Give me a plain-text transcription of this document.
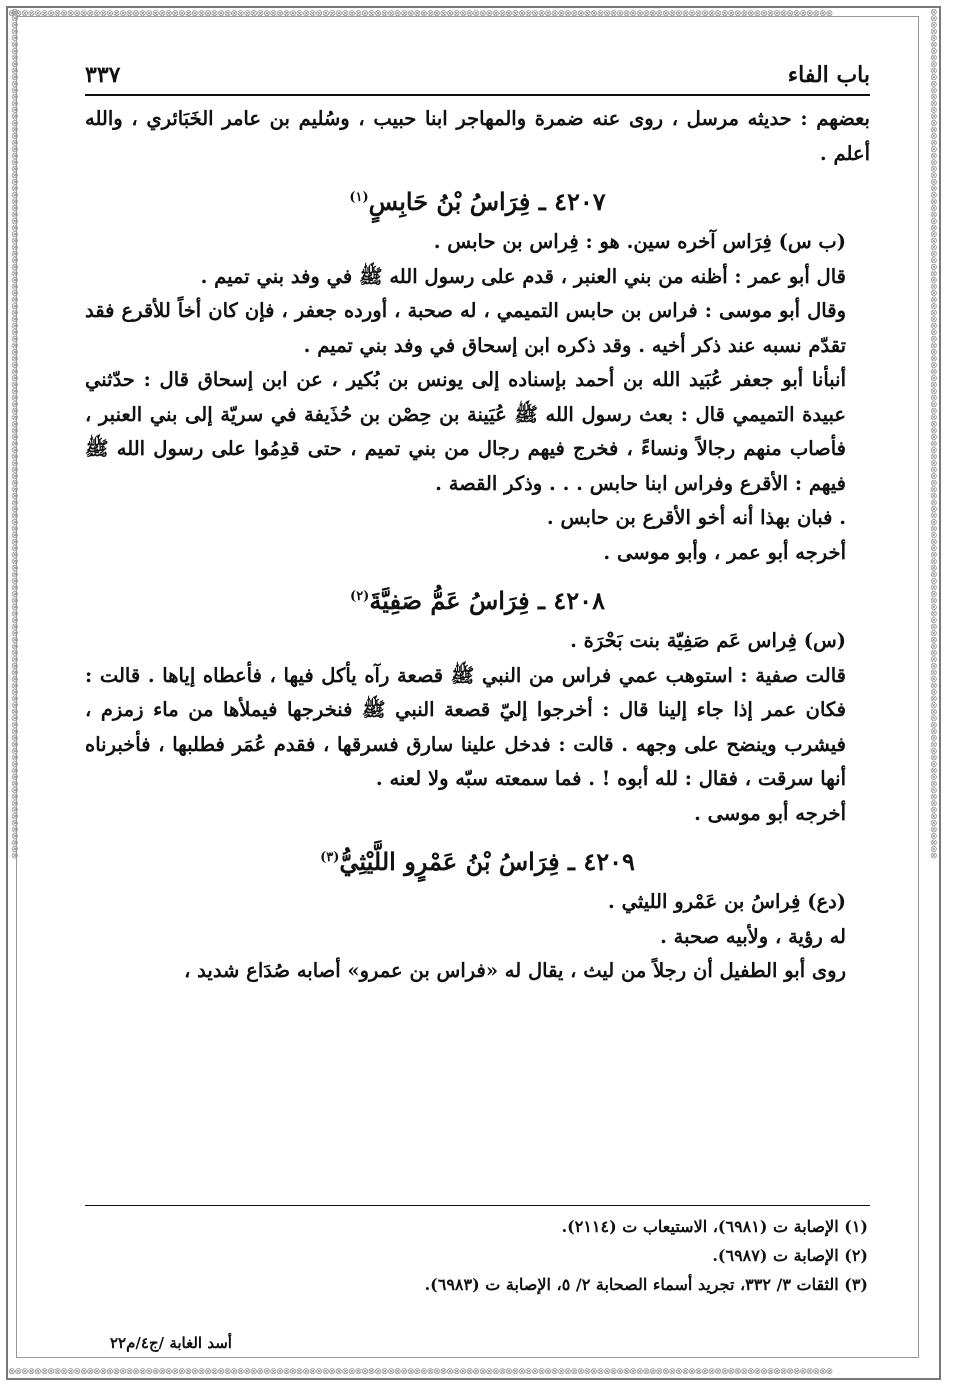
⊗⊗⊗⊗⊗⊗⊗⊗⊗⊗⊗⊗⊗⊗⊗⊗⊗⊗⊗⊗⊗⊗⊗⊗⊗⊗⊗⊗⊗⊗⊗⊗⊗⊗⊗⊗⊗⊗⊗⊗⊗⊗⊗⊗⊗⊗⊗⊗⊗⊗⊗⊗⊗⊗⊗⊗⊗⊗⊗⊗⊗⊗⊗⊗⊗⊗⊗⊗⊗⊗⊗⊗⊗⊗⊗⊗⊗⊗⊗⊗⊗⊗⊗⊗⊗⊗⊗⊗⊗⊗⊗⊗⊗⊗⊗⊗⊗⊗⊗⊗⊗⊗⊗⊗⊗⊗⊗⊗⊗⊗⊗⊗⊗⊗⊗⊗⊗⊗⊗⊗⊗⊗⊗⊗⊗⊗
⊗⊗⊗⊗⊗⊗⊗⊗⊗⊗⊗⊗⊗⊗⊗⊗⊗⊗⊗⊗⊗⊗⊗⊗⊗⊗⊗⊗⊗⊗⊗⊗⊗⊗⊗⊗⊗⊗⊗⊗⊗⊗⊗⊗⊗⊗⊗⊗⊗⊗⊗⊗⊗⊗⊗⊗⊗⊗⊗⊗⊗⊗⊗⊗⊗⊗⊗⊗⊗⊗⊗⊗⊗⊗⊗⊗⊗⊗⊗⊗⊗⊗⊗⊗⊗⊗⊗⊗⊗⊗⊗⊗⊗⊗⊗⊗⊗⊗⊗⊗⊗⊗⊗⊗⊗⊗⊗⊗⊗⊗⊗⊗⊗⊗⊗⊗⊗⊗⊗⊗⊗⊗⊗⊗⊗⊗
⊗⊗⊗⊗⊗⊗⊗⊗⊗⊗⊗⊗⊗⊗⊗⊗⊗⊗⊗⊗⊗⊗⊗⊗⊗⊗⊗⊗⊗⊗⊗⊗⊗⊗⊗⊗⊗⊗⊗⊗⊗⊗⊗⊗⊗⊗⊗⊗⊗⊗⊗⊗⊗⊗⊗⊗⊗⊗⊗⊗⊗⊗⊗⊗⊗⊗⊗⊗⊗⊗⊗⊗⊗⊗⊗⊗⊗⊗⊗⊗⊗⊗⊗⊗⊗⊗⊗⊗⊗⊗⊗⊗⊗⊗⊗⊗⊗⊗⊗⊗⊗⊗⊗⊗⊗⊗⊗⊗⊗⊗⊗⊗⊗⊗⊗⊗⊗⊗⊗⊗⊗⊗⊗⊗⊗⊗⊗⊗⊗⊗	⊗⊗⊗⊗⊗⊗⊗⊗⊗⊗⊗⊗⊗⊗⊗⊗⊗⊗⊗⊗⊗⊗⊗⊗⊗⊗⊗⊗⊗⊗⊗⊗⊗⊗⊗⊗⊗⊗⊗⊗⊗⊗⊗⊗⊗⊗⊗⊗⊗⊗⊗⊗⊗⊗⊗⊗⊗⊗⊗⊗⊗⊗⊗⊗⊗⊗⊗⊗⊗⊗⊗⊗⊗⊗⊗⊗⊗⊗⊗⊗⊗⊗⊗⊗⊗⊗⊗⊗⊗⊗⊗⊗⊗⊗⊗⊗⊗⊗⊗⊗⊗⊗⊗⊗⊗⊗⊗⊗⊗⊗⊗⊗⊗⊗⊗⊗⊗⊗⊗⊗⊗⊗⊗⊗⊗⊗⊗⊗⊗⊗
باب الفاء
٣٣٧

بعضهم : حديثه مرسل ، روى عنه ضمرة والمهاجر ابنا حبيب ، وسُليم بن عامر الخَبَائري ، والله أعلم .

٤٢٠٧ ـ فِرَاسُ بْنُ حَابِسٍ$^{(١)}$

(ب س) فِرَاس آخره سين. هو : فِراس بن حابس .

قال أبو عمر : أظنه من بني العنبر ، قدم على رسول الله ﷺ في وفد بني تميم .

وقال أبو موسى : فراس بن حابس التميمي ، له صحبة ، أورده جعفر ، فإن كان أخاً للأقرع فقد تقدّم نسبه عند ذكر أخيه . وقد ذكره ابن إسحاق في وفد بني تميم .

أنبأنا أبو جعفر عُبَيد الله بن أحمد بإسناده إلى يونس بن بُكير ، عن ابن إسحاق قال : حدّثني عبيدة التميمي قال : بعث رسول الله ﷺ عُيَينة بن حِصْن بن حُذَيفة في سريّة إلى بني العنبر ، فأصاب منهم رجالاً ونساءً ، فخرج فيهم رجال من بني تميم ، حتى قدِمُوا على رسول الله ﷺ فيهم : الأقرع وفراس ابنا حابس . . . وذكر القصة .

. فبان بهذا أنه أخو الأقرع بن حابس .

أخرجه أبو عمر ، وأبو موسى .

٤٢٠٨ ـ فِرَاسُ عَمُّ صَفِيَّةَ$^{(٢)}$

(س) فِراس عَم صَفِيّة بنت بَحْرَة .

قالت صفية : استوهب عمي فراس من النبي ﷺ قصعة رآه يأكل فيها ، فأعطاه إياها . قالت : فكان عمر إذا جاء إلينا قال : أخرجوا إليّ قصعة النبي ﷺ فنخرجها فيملأها من ماء زمزم ، فيشرب وينضح على وجهه . قالت : فدخل علينا سارق فسرقها ، فقدم عُمَر فطلبها ، فأخبرناه أنها سرقت ، فقال : لله أبوه ! . فما سمعته سبّه ولا لعنه .

أخرجه أبو موسى .

٤٢٠٩ ـ فِرَاسُ بْنُ عَمْرٍو اللَّيْثِيُّ$^{(٣)}$

(دع) فِراسُ بن عَمْرو الليثي .

له رؤية ، ولأبيه صحبة .

روى أبو الطفيل أن رجلاً من ليث ، يقال له «فراس بن عمرو» أصابه صُدَاع شديد ،

(١) الإصابة ت (٦٩٨١)، الاستيعاب ت (٢١١٤).

(٢) الإصابة ت (٦٩٨٧).

(٣) الثقات ٣/ ٣٣٢، تجريد أسماء الصحابة ٢/ ٥، الإصابة ت (٦٩٨٣).

أسد الغابة /ج٤/م٢٢
